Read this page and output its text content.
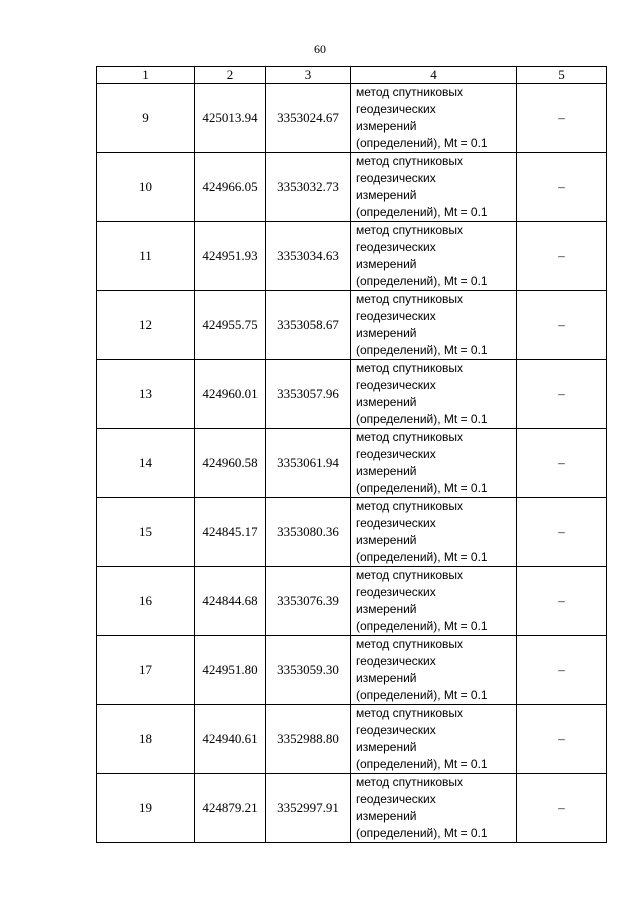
60
1	2	3	4	5
9	425013.94	3353024.67	метод спутниковых
геодезических
измерений
(определений), Mt = 0.1	–
10	424966.05	3353032.73	метод спутниковых
геодезических
измерений
(определений), Mt = 0.1	–
11	424951.93	3353034.63	метод спутниковых
геодезических
измерений
(определений), Mt = 0.1	–
12	424955.75	3353058.67	метод спутниковых
геодезических
измерений
(определений), Mt = 0.1	–
13	424960.01	3353057.96	метод спутниковых
геодезических
измерений
(определений), Mt = 0.1	–
14	424960.58	3353061.94	метод спутниковых
геодезических
измерений
(определений), Mt = 0.1	–
15	424845.17	3353080.36	метод спутниковых
геодезических
измерений
(определений), Mt = 0.1	–
16	424844.68	3353076.39	метод спутниковых
геодезических
измерений
(определений), Mt = 0.1	–
17	424951.80	3353059.30	метод спутниковых
геодезических
измерений
(определений), Mt = 0.1	–
18	424940.61	3352988.80	метод спутниковых
геодезических
измерений
(определений), Mt = 0.1	–
19	424879.21	3352997.91	метод спутниковых
геодезических
измерений
(определений), Mt = 0.1	–
